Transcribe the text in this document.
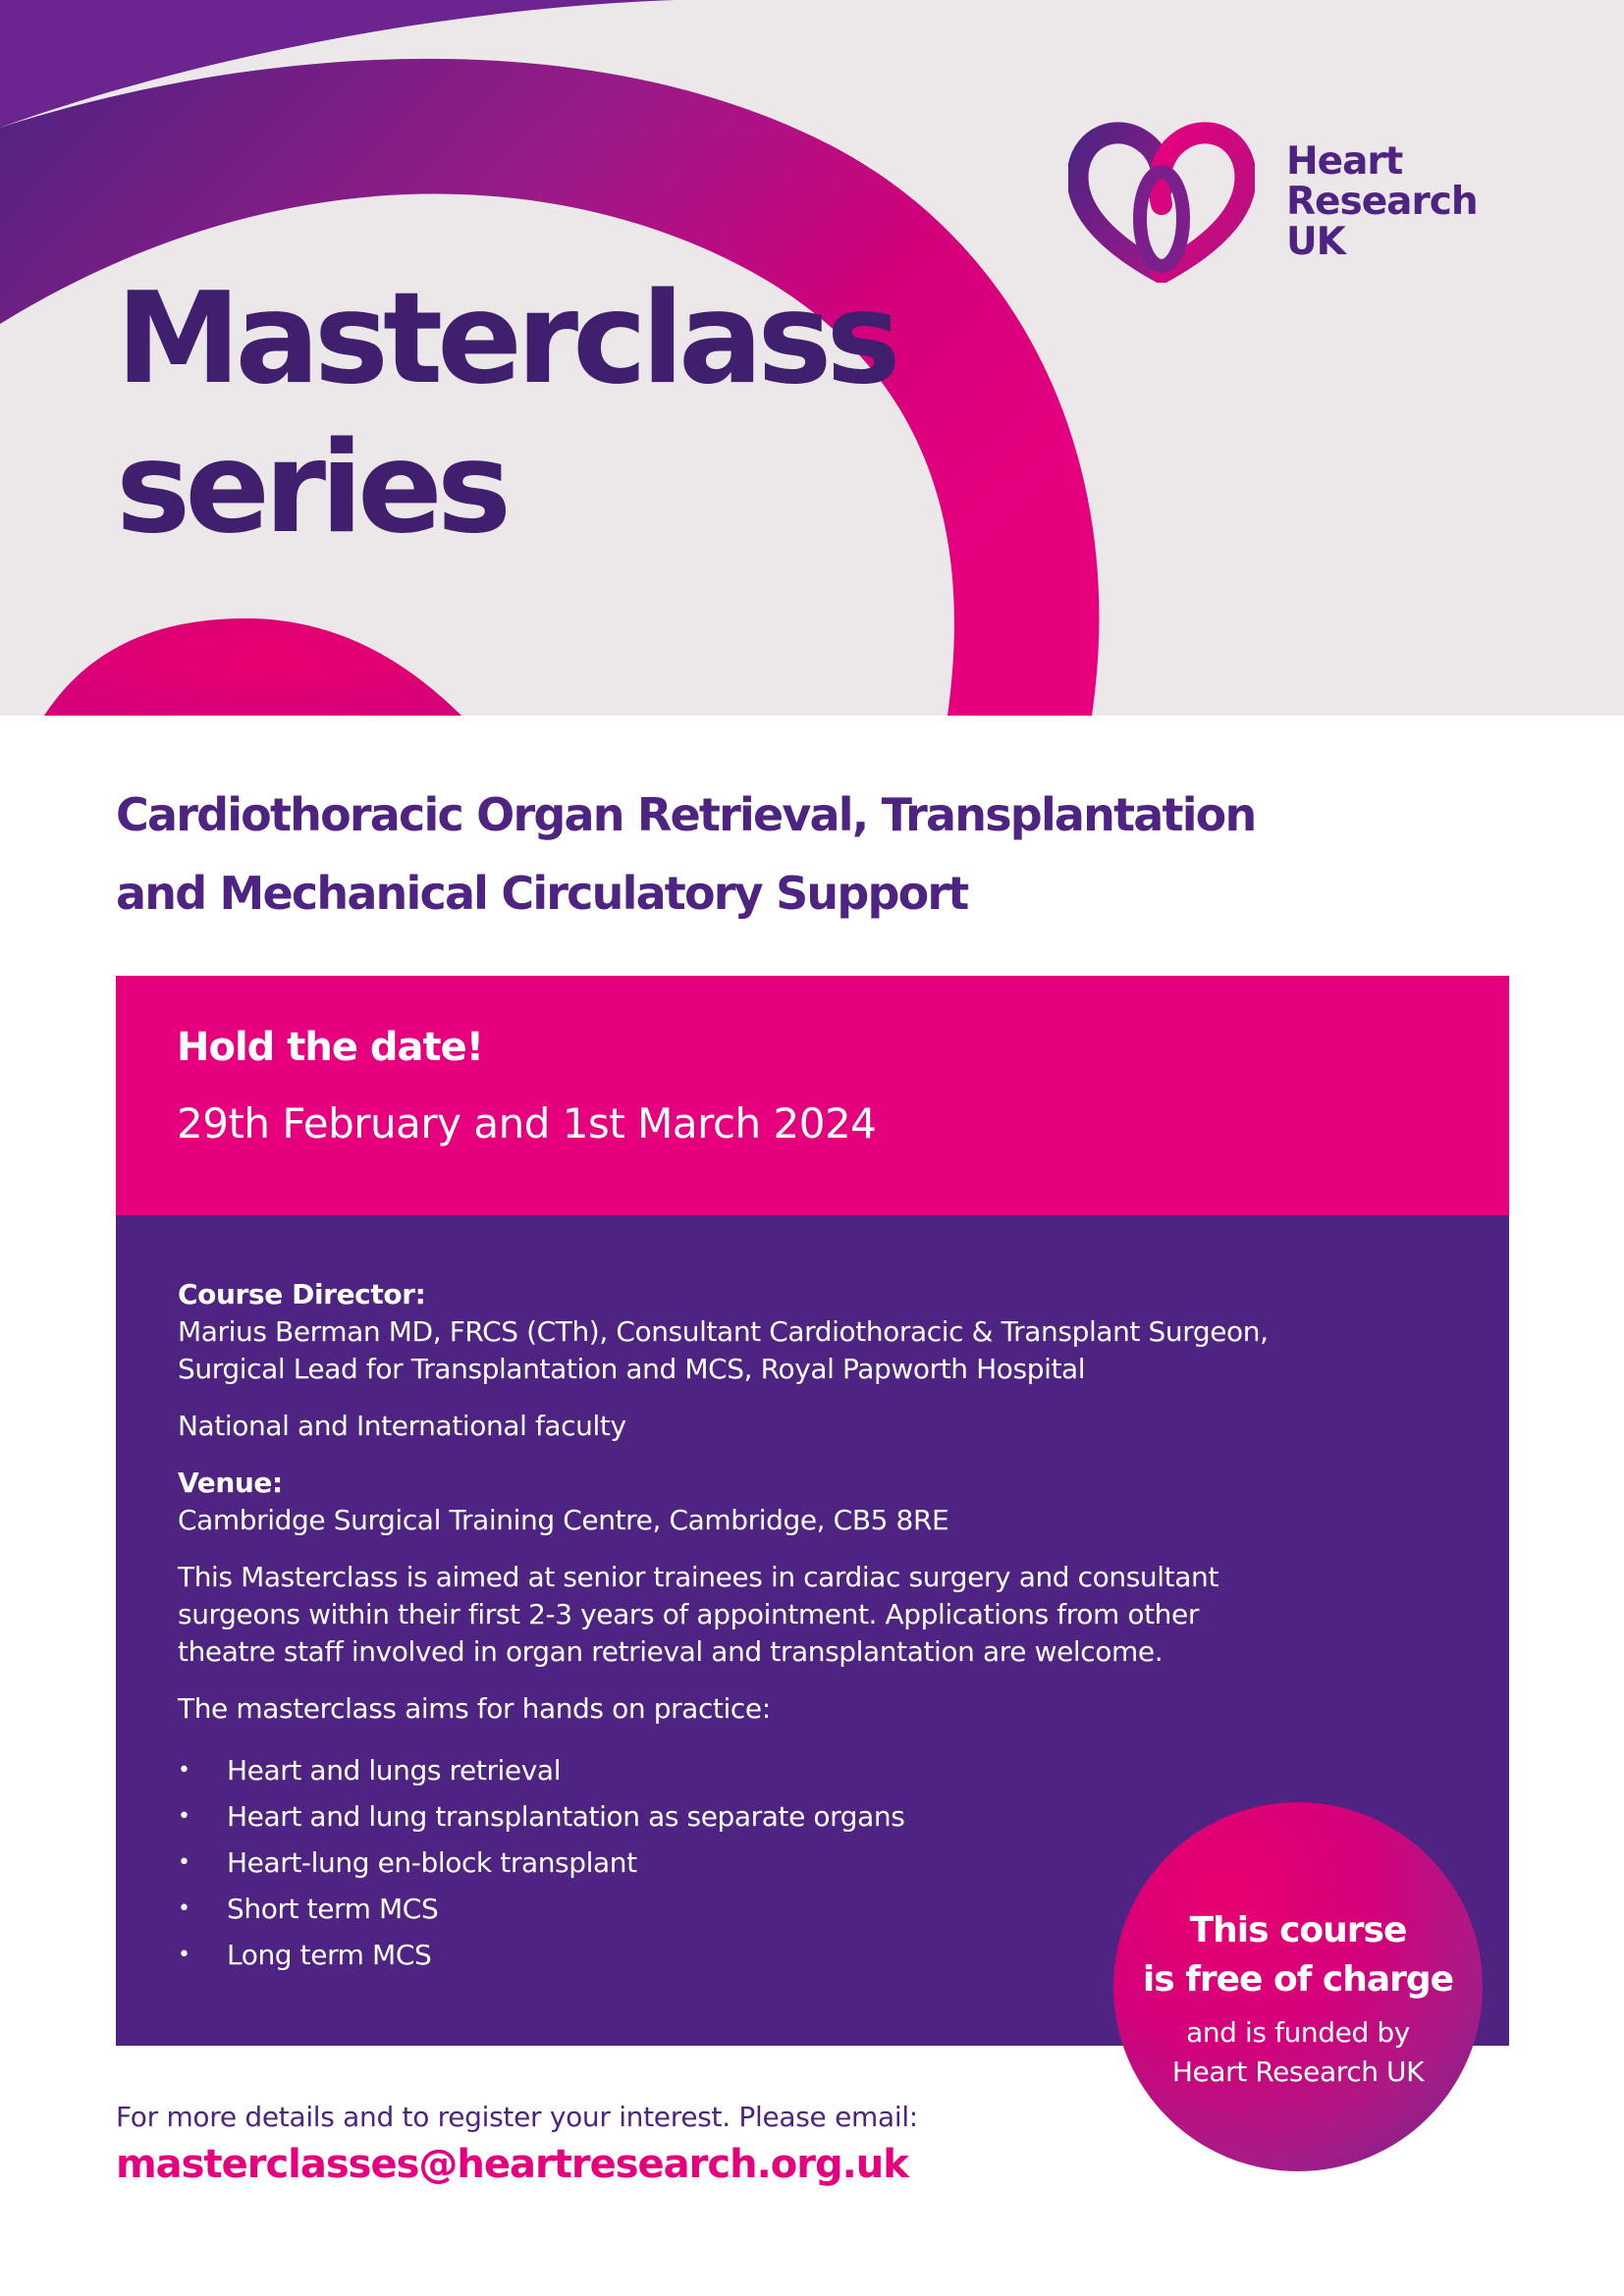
Heart
Research
UK
Masterclass
series
Cardiothoracic Organ Retrieval, Transplantation
and Mechanical Circulatory Support
Hold the date!
29th February and 1st March 2024

Course Director:
Marius Berman MD, FRCS (CTh), Consultant Cardiothoracic & Transplant Surgeon,
Surgical Lead for Transplantation and MCS, Royal Papworth Hospital

National and International faculty

Venue:
Cambridge Surgical Training Centre, Cambridge, CB5 8RE

This Masterclass is aimed at senior trainees in cardiac surgery and consultant
surgeons within their first 2-3 years of appointment. Applications from other
theatre staff involved in organ retrieval and transplantation are welcome.

The masterclass aims for hands on practice:

• Heart and lungs retrieval
• Heart and lung transplantation as separate organs
• Heart-lung en-block transplant
• Short term MCS
• Long term MCS
This course
is free of charge
and is funded by
Heart Research UK
For more details and to register your interest. Please email:
masterclasses@heartresearch.org.uk
